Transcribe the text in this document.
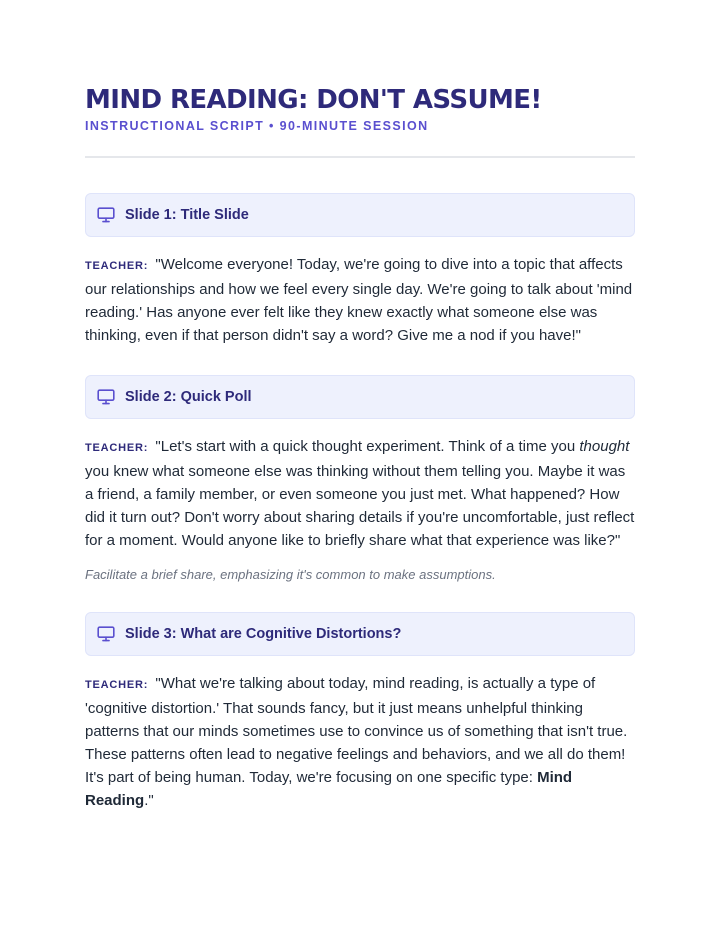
MIND READING: DON'T ASSUME!
INSTRUCTIONAL SCRIPT • 90-MINUTE SESSION
Slide 1: Title Slide

TEACHER: "Welcome everyone! Today, we're going to dive into a topic that affects our relationships and how we feel every single day. We're going to talk about 'mind reading.' Has anyone ever felt like they knew exactly what someone else was thinking, even if that person didn't say a word? Give me a nod if you have!"

Slide 2: Quick Poll

TEACHER: "Let's start with a quick thought experiment. Think of a time you thought you knew what someone else was thinking without them telling you. Maybe it was a friend, a family member, or even someone you just met. What happened? How did it turn out? Don't worry about sharing details if you're uncomfortable, just reflect for a moment. Would anyone like to briefly share what that experience was like?"

Facilitate a brief share, emphasizing it's common to make assumptions.

Slide 3: What are Cognitive Distortions?

TEACHER: "What we're talking about today, mind reading, is actually a type of 'cognitive distortion.' That sounds fancy, but it just means unhelpful thinking patterns that our minds sometimes use to convince us of something that isn't true. These patterns often lead to negative feelings and behaviors, and we all do them! It's part of being human. Today, we're focusing on one specific type: Mind Reading."
